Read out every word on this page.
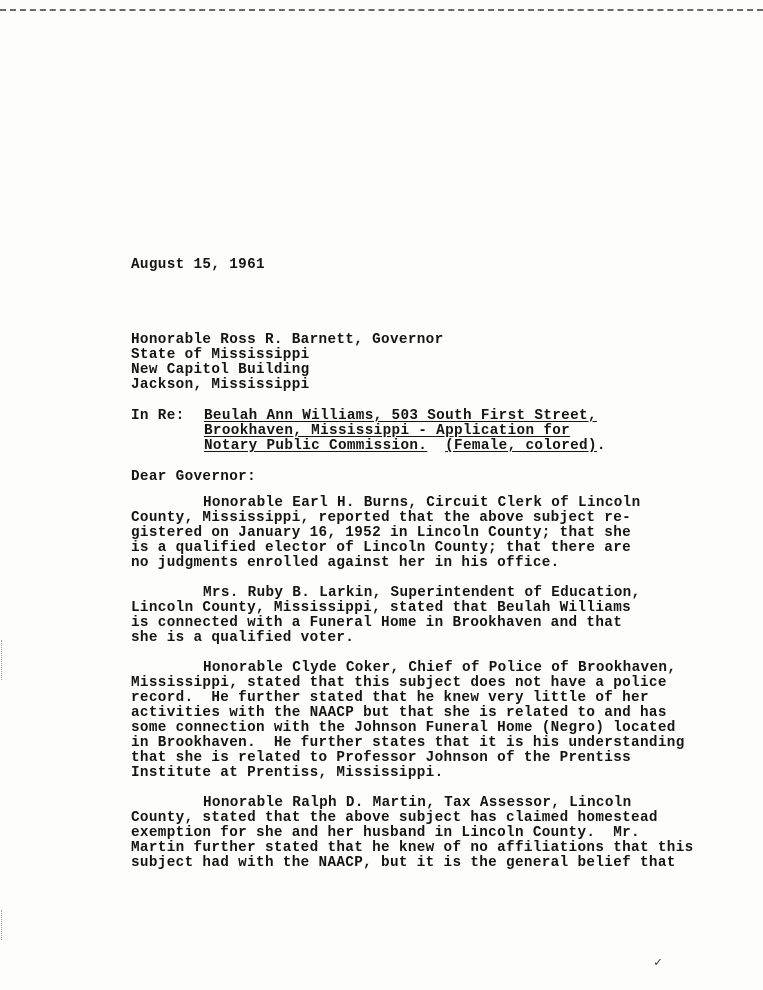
August 15, 1961
Honorable Ross R. Barnett, Governor
State of Mississippi
New Capitol Building
Jackson, Mississippi
In Re: Beulah Ann Williams, 503 South First Street,
Brookhaven, Mississippi - Application for
Notary Public Commission. (Female, colored).
Dear Governor:
Honorable Earl H. Burns, Circuit Clerk of Lincoln
County, Mississippi, reported that the above subject re-
gistered on January 16, 1952 in Lincoln County; that she
is a qualified elector of Lincoln County; that there are
no judgments enrolled against her in his office.
Mrs. Ruby B. Larkin, Superintendent of Education,
Lincoln County, Mississippi, stated that Beulah Williams
is connected with a Funeral Home in Brookhaven and that
she is a qualified voter.
Honorable Clyde Coker, Chief of Police of Brookhaven,
Mississippi, stated that this subject does not have a police
record.  He further stated that he knew very little of her
activities with the NAACP but that she is related to and has
some connection with the Johnson Funeral Home (Negro) located
in Brookhaven.  He further states that it is his understanding
that she is related to Professor Johnson of the Prentiss
Institute at Prentiss, Mississippi.
Honorable Ralph D. Martin, Tax Assessor, Lincoln
County, stated that the above subject has claimed homestead
exemption for she and her husband in Lincoln County.  Mr.
Martin further stated that he knew of no affiliations that this
subject had with the NAACP, but it is the general belief that
✓
